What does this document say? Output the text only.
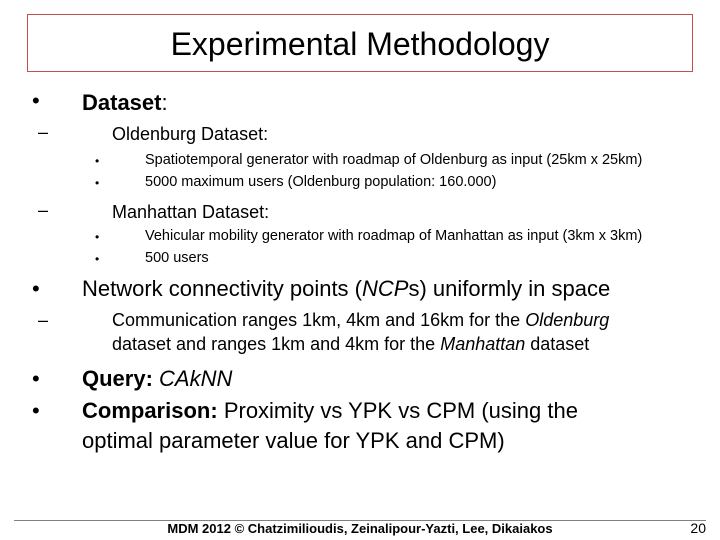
Experimental Methodology
• Dataset:
–	Oldenburg Dataset:
•	Spatiotemporal generator with roadmap of Oldenburg as input (25km x 25km)
•	5000 maximum users (Oldenburg population: 160.000)
–	Manhattan Dataset:
•	Vehicular mobility generator with roadmap of Manhattan as input (3km x 3km)
•	500 users
• Network connectivity points (NCPs) uniformly in space
–	Communication ranges 1km, 4km and 16km for the Oldenburg
dataset and ranges 1km and 4km for the Manhattan dataset
• Query: CAkNN
• Comparison: Proximity vs YPK vs CPM (using the
optimal parameter value for YPK and CPM)
MDM 2012 © Chatzimilioudis, Zeinalipour-Yazti, Lee, Dikaiakos	20
